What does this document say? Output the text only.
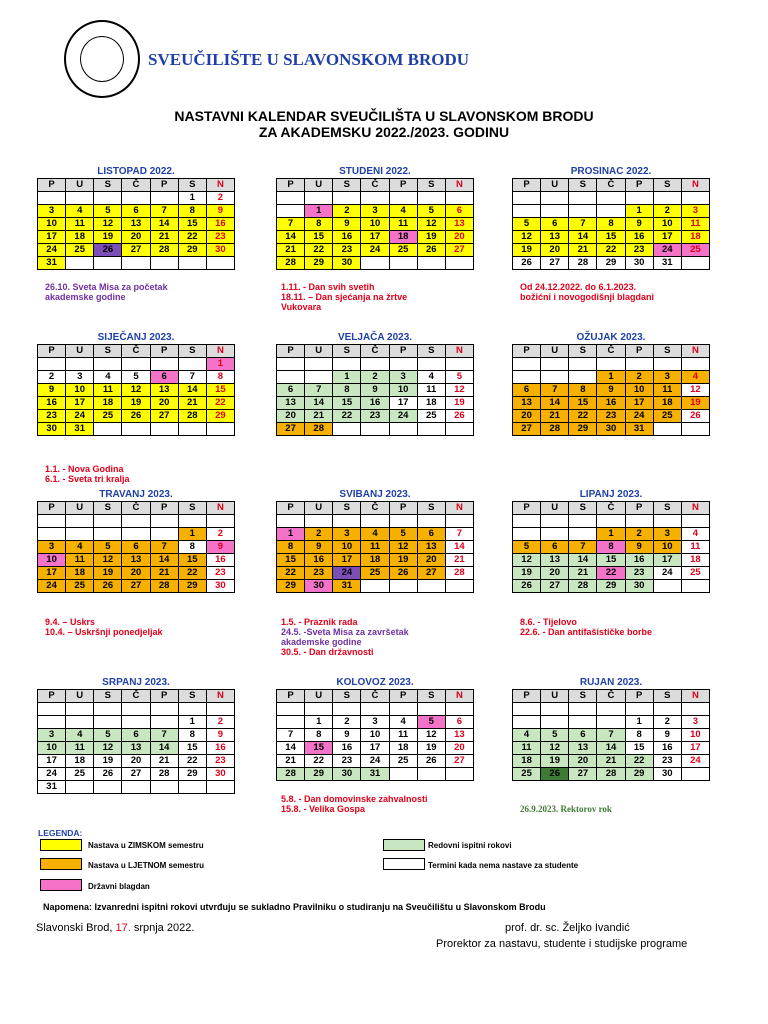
SVEUČILIŠTE U SLAVONSKOM BRODU
NASTAVNI KALENDAR SVEUČILIŠTA U SLAVONSKOM BRODU
ZA AKADEMSKU 2022./2023. GODINU
LISTOPAD 2022.
P	U	S	Č	P	S	N
					1	2
3	4	5	6	7	8	9
10	11	12	13	14	15	16
17	18	19	20	21	22	23
24	25	26	27	28	29	30
31						
STUDENI 2022.
P	U	S	Č	P	S	N

	1	2	3	4	5	6
7	8	9	10	11	12	13
14	15	16	17	18	19	20
21	22	23	24	25	26	27
28	29	30				
PROSINAC 2022.
P	U	S	Č	P	S	N

				1	2	3
5	6	7	8	9	10	11
12	13	14	15	16	17	18
19	20	21	22	23	24	25
26	27	28	29	30	31	
SIJEČANJ 2023.
P	U	S	Č	P	S	N
						1
2	3	4	5	6	7	8
9	10	11	12	13	14	15
16	17	18	19	20	21	22
23	24	25	26	27	28	29
30	31					
VELJAČA 2023.
P	U	S	Č	P	S	N

		1	2	3	4	5
6	7	8	9	10	11	12
13	14	15	16	17	18	19
20	21	22	23	24	25	26
27	28					
OŽUJAK 2023.
P	U	S	Č	P	S	N

			1	2	3	4
6	7	8	9	10	11	12
13	14	15	16	17	18	19
20	21	22	23	24	25	26
27	28	29	30	31		
TRAVANJ 2023.
P	U	S	Č	P	S	N

					1	2
3	4	5	6	7	8	9
10	11	12	13	14	15	16
17	18	19	20	21	22	23
24	25	26	27	28	29	30
SVIBANJ 2023.
P	U	S	Č	P	S	N

1	2	3	4	5	6	7
8	9	10	11	12	13	14
15	16	17	18	19	20	21
22	23	24	25	26	27	28
29	30	31				
LIPANJ 2023.
P	U	S	Č	P	S	N

			1	2	3	4
5	6	7	8	9	10	11
12	13	14	15	16	17	18
19	20	21	22	23	24	25
26	27	28	29	30		
SRPANJ 2023.
P	U	S	Č	P	S	N

					1	2
3	4	5	6	7	8	9
10	11	12	13	14	15	16
17	18	19	20	21	22	23
24	25	26	27	28	29	30
31						
KOLOVOZ 2023.
P	U	S	Č	P	S	N

	1	2	3	4	5	6
7	8	9	10	11	12	13
14	15	16	17	18	19	20
21	22	23	24	25	26	27
28	29	30	31			
RUJAN 2023.
P	U	S	Č	P	S	N

				1	2	3
4	5	6	7	8	9	10
11	12	13	14	15	16	17
18	19	20	21	22	23	24
25	26	27	28	29	30	
26.10. Sveta Misa za početak
akademske godine
1.11. - Dan svih svetih
18.11. – Dan sjećanja na žrtve
Vukovara
Od 24.12.2022. do 6.1.2023.
božićni i novogodišnji blagdani
1.1. - Nova Godina
6.1. - Sveta tri kralja
9.4. – Uskrs
10.4. – Uskršnji ponedjeljak
1.5. - Praznik rada
24.5. -Sveta Misa za završetak
akademske godine
30.5. - Dan državnosti
8.6. - Tijelovo
22.6. - Dan antifašističke borbe
5.8. - Dan domovinske zahvalnosti
15.8. - Velika Gospa	26.9.2023. Rektorov rok
LEGENDA:
Nastava u ZIMSKOM semestru
Nastava u LJETNOM semestru
Državni blagdan
Redovni ispitni rokovi
Termini kada nema nastave za studente
Napomena: Izvanredni ispitni rokovi utvrđuju se sukladno Pravilniku o studiranju na Sveučilištu u Slavonskom Brodu
Slavonski Brod, 17. srpnja 2022.	prof. dr. sc. Željko Ivandić
Prorektor za nastavu, studente i studijske programe
